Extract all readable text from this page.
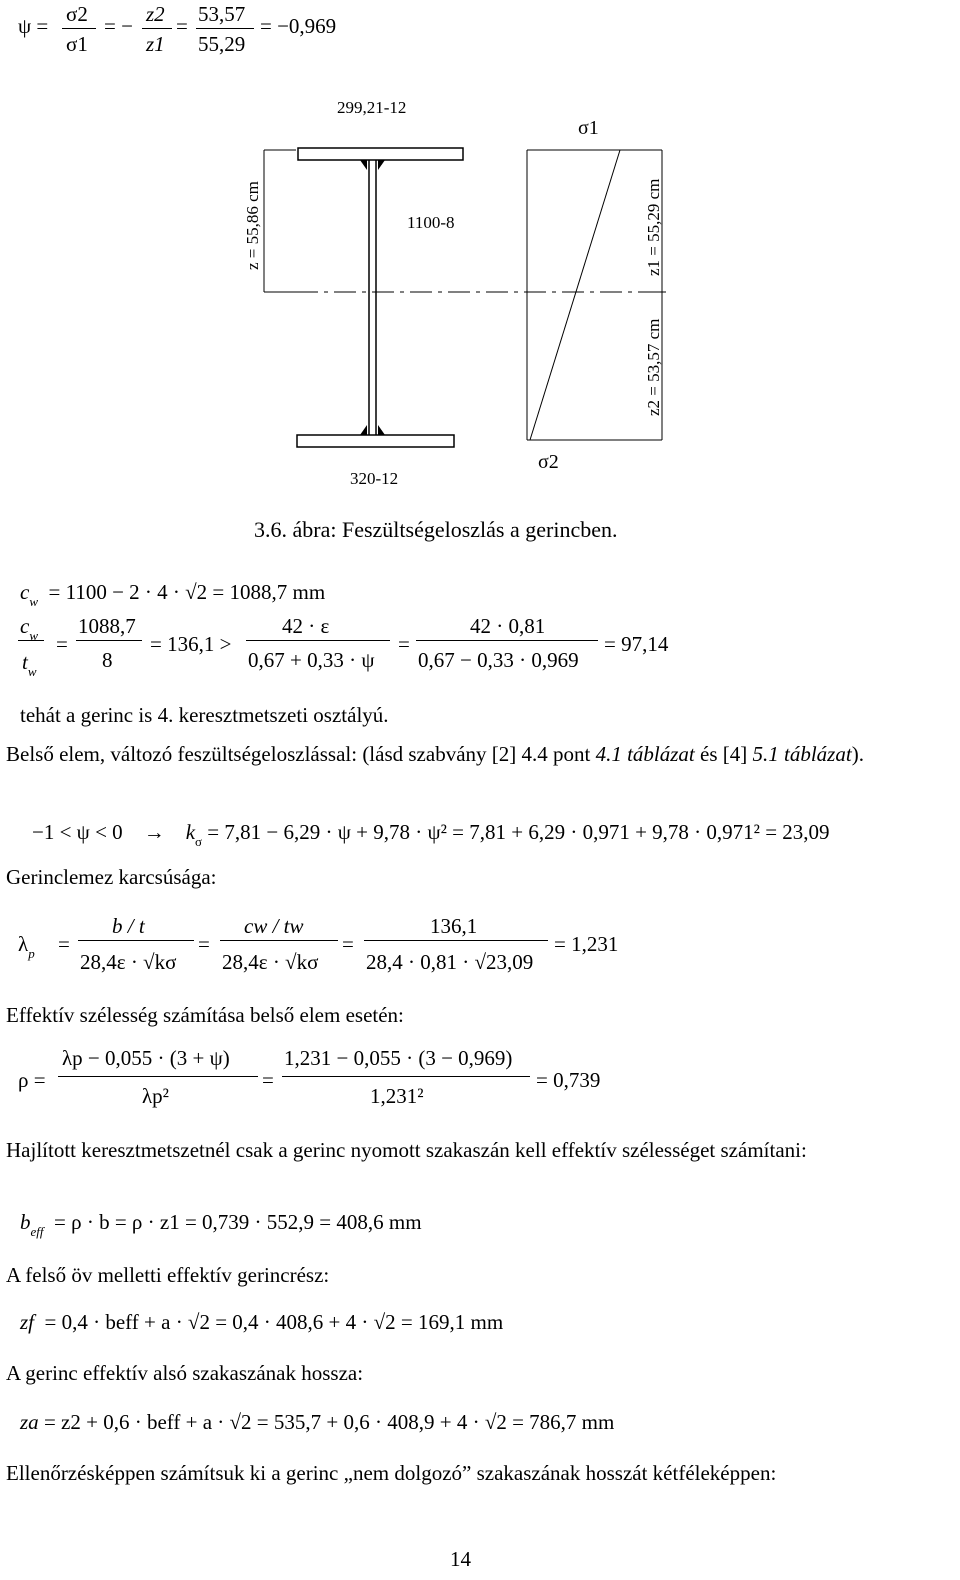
ψ = σ2
σ1
= − z2
z1
= 53,57
55,29
= −0,969
299,21-12
1100-8
320-12
σ1
σ2
z = 55,86 cm	z1 = 55,29 cm
z2 = 53,57 cm
3.6. ábra: Feszültségeloszlás a gerincben.
$c_w = 1100 - 2 \cdot 4 \cdot √2 = 1088,7$ mm
$c_w$
$t_w$
=
1088,7
8
= 136,1 >
42 · ε
0,67 + 0,33 · ψ
=
42 · 0,81
0,67 − 0,33 · 0,969
= 97,14
tehát a gerinc is 4. keresztmetszeti osztályú.
Belső elem, változó feszültségeloszlással: (lásd szabvány [2] 4.4 pont 4.1 táblázat és [4] 5.1 táblázat).
$-1 < \psi < 0 \to k_\sigma = 7,81 - 6,29 \cdot \psi + 9,78 \cdot \psi^2 = 7,81 + 6,29 \cdot 0,971 + 9,78 \cdot 0,971^2 = 23,09$
Gerinclemez karcsúsága:
$\lambda_p$ =
b / t
28,4ε · √kσ
=
cw / tw
28,4ε · √kσ
=
136,1
28,4 · 0,81 · √23,09
= 1,231
Effektív szélesség számítása belső elem esetén:
ρ =
λp − 0,055 · (3 + ψ)
λp²
=
1,231 − 0,055 · (3 − 0,969)
1,231²
= 0,739
Hajlított keresztmetszetnél csak a gerinc nyomott szakaszán kell effektív szélességet számítani:
$b_{eff} = \rho \cdot b = \rho \cdot z1 = 0,739 \cdot 552,9 = 408,6$ mm
A felső öv melletti effektív gerincrész:
zf = 0,4 · beff + a · √2 = 0,4 · 408,6 + 4 · √2 = 169,1 mm
A gerinc effektív alsó szakaszának hossza:
za = z2 + 0,6 · beff + a · √2 = 535,7 + 0,6 · 408,9 + 4 · √2 = 786,7 mm
Ellenőrzésképpen számítsuk ki a gerinc „nem dolgozó” szakaszának hosszát kétféleképpen:
14
